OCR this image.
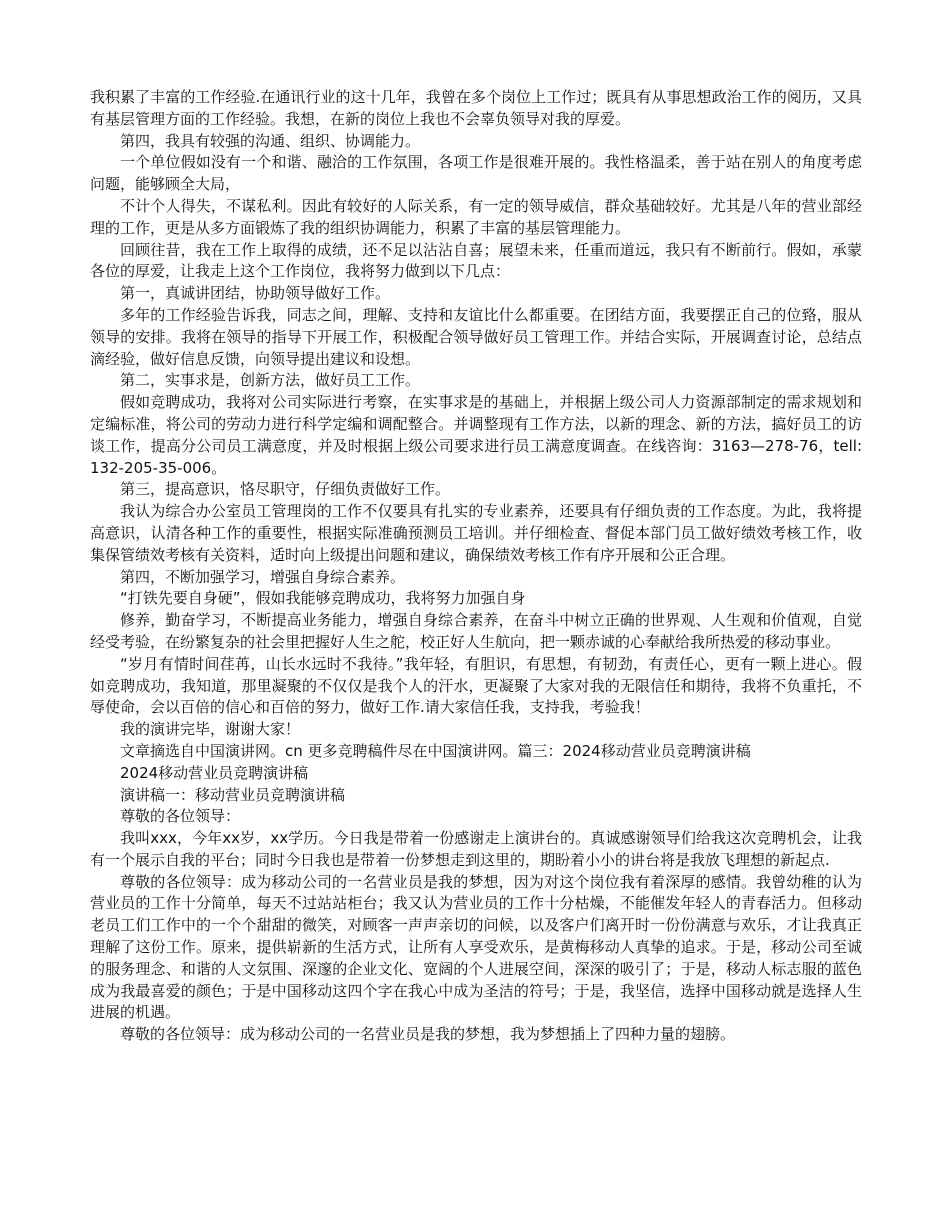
我积累了丰富的工作经验.在通讯行业的这十几年，我曾在多个岗位上工作过；既具有从事思想政治工作的阅历，又具有基层管理方面的工作经验。我想，在新的岗位上我也不会辜负领导对我的厚爱。

第四，我具有较强的沟通、组织、协调能力。

一个单位假如没有一个和谐、融洽的工作氛围，各项工作是很难开展的。我性格温柔，善于站在别人的角度考虑问题，能够顾全大局，

不计个人得失，不谋私利。因此有较好的人际关系，有一定的领导威信，群众基础较好。尤其是八年的营业部经理的工作，更是从多方面锻炼了我的组织协调能力，积累了丰富的基层管理能力。

回顾往昔，我在工作上取得的成绩，还不足以沾沾自喜；展望未来，任重而道远，我只有不断前行。假如，承蒙各位的厚爱，让我走上这个工作岗位，我将努力做到以下几点：

第一，真诚讲团结，协助领导做好工作。

多年的工作经验告诉我，同志之间，理解、支持和友谊比什么都重要。在团结方面，我要摆正自己的位臵，服从领导的安排。我将在领导的指导下开展工作，积极配合领导做好员工管理工作。并结合实际，开展调查讨论，总结点滴经验，做好信息反馈，向领导提出建议和设想。

第二，实事求是，创新方法，做好员工工作。

假如竞聘成功，我将对公司实际进行考察，在实事求是的基础上，并根据上级公司人力资源部制定的需求规划和定编标准，将公司的劳动力进行科学定编和调配整合。并调整现有工作方法，以新的理念、新的方法，搞好员工的访谈工作，提高分公司员工满意度，并及时根据上级公司要求进行员工满意度调查。在线咨询：3163—278-76，tell:132-205-35-006。

第三，提高意识，恪尽职守，仔细负责做好工作。

我认为综合办公室员工管理岗的工作不仅要具有扎实的专业素养，还要具有仔细负责的工作态度。为此，我将提高意识，认清各种工作的重要性，根据实际准确预测员工培训。并仔细检查、督促本部门员工做好绩效考核工作，收集保管绩效考核有关资料，适时向上级提出问题和建议，确保绩效考核工作有序开展和公正合理。

第四，不断加强学习，增强自身综合素养。

“打铁先要自身硬”，假如我能够竞聘成功，我将努力加强自身

修养，勤奋学习，不断提高业务能力，增强自身综合素养，在奋斗中树立正确的世界观、人生观和价值观，自觉经受考验，在纷繁复杂的社会里把握好人生之舵，校正好人生航向，把一颗赤诚的心奉献给我所热爱的移动事业。

“岁月有情时间荏苒，山长水远时不我待。”我年轻，有胆识，有思想，有韧劲，有责任心，更有一颗上进心。假如竞聘成功，我知道，那里凝聚的不仅仅是我个人的汗水，更凝聚了大家对我的无限信任和期待，我将不负重托，不辱使命，会以百倍的信心和百倍的努力，做好工作.请大家信任我，支持我，考验我！

我的演讲完毕，谢谢大家！

文章摘选自中国演讲网。cn 更多竞聘稿件尽在中国演讲网。篇三：2024移动营业员竞聘演讲稿

2024移动营业员竞聘演讲稿

演讲稿一：移动营业员竞聘演讲稿

尊敬的各位领导：

我叫xxx，今年xx岁，xx学历。今日我是带着一份感谢走上演讲台的。真诚感谢领导们给我这次竞聘机会，让我有一个展示自我的平台；同时今日我也是带着一份梦想走到这里的，期盼着小小的讲台将是我放飞理想的新起点.

尊敬的各位领导：成为移动公司的一名营业员是我的梦想，因为对这个岗位我有着深厚的感情。我曾幼稚的认为营业员的工作十分简单，每天不过站站柜台；我又认为营业员的工作十分枯燥，不能催发年轻人的青春活力。但移动老员工们工作中的一个个甜甜的微笑，对顾客一声声亲切的问候，以及客户们离开时一份份满意与欢乐，才让我真正理解了这份工作。原来，提供崭新的生活方式，让所有人享受欢乐，是黄梅移动人真挚的追求。于是，移动公司至诚的服务理念、和谐的人文氛围、深邃的企业文化、宽阔的个人进展空间，深深的吸引了；于是，移动人标志服的蓝色成为我最喜爱的颜色；于是中国移动这四个字在我心中成为圣洁的符号；于是，我坚信，选择中国移动就是选择人生进展的机遇。

尊敬的各位领导：成为移动公司的一名营业员是我的梦想，我为梦想插上了四种力量的翅膀。
